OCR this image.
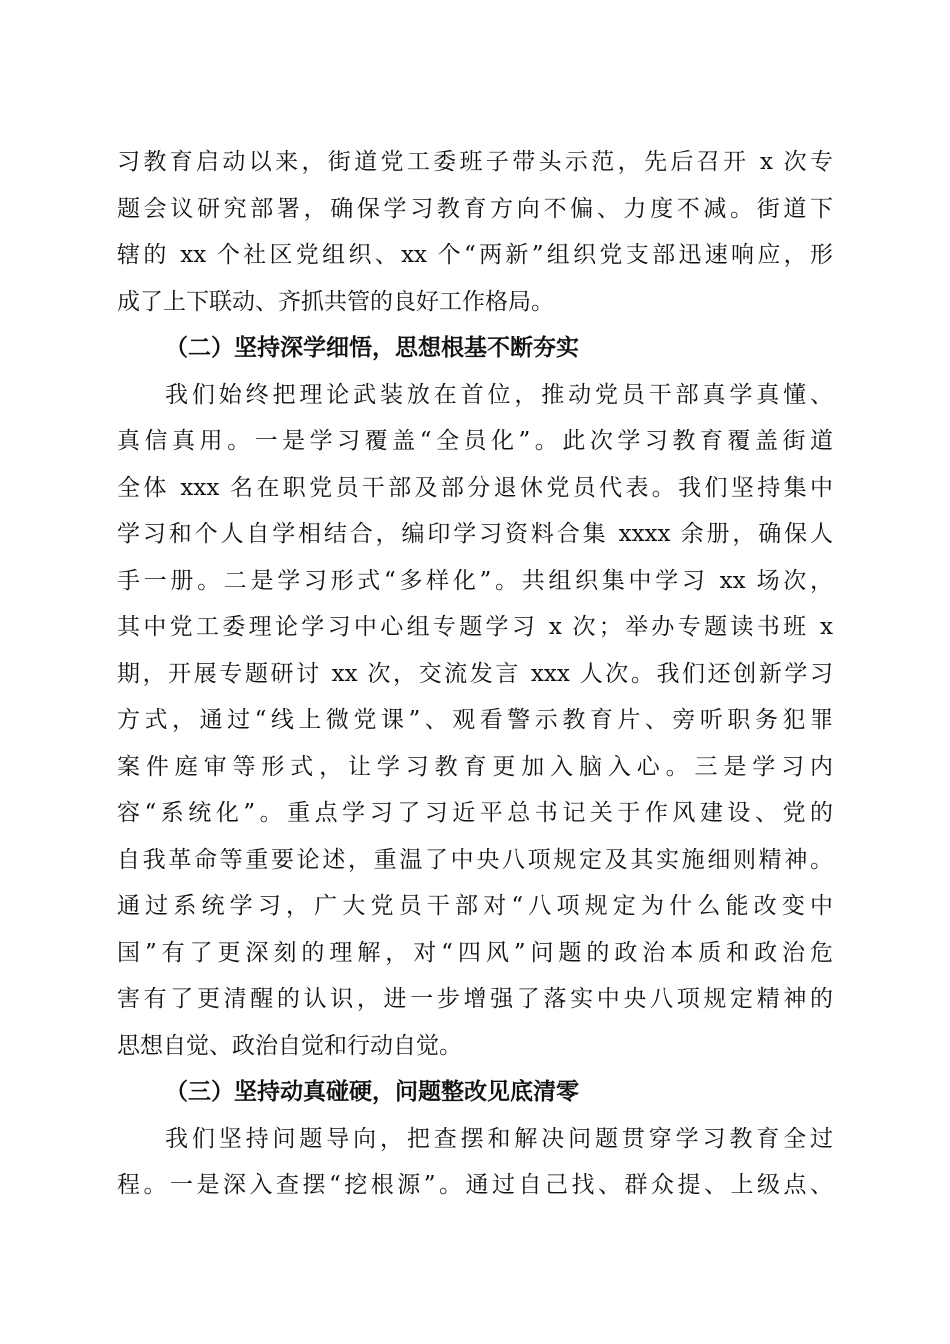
习教育启动以来，街道党工委班子带头示范，先后召开 x 次专
题会议研究部署，确保学习教育方向不偏、力度不减。街道下
辖的 xx 个社区党组织、xx 个“两新”组织党支部迅速响应，形
成了上下联动、齐抓共管的良好工作格局。
（二）坚持深学细悟，思想根基不断夯实
我们始终把理论武装放在首位，推动党员干部真学真懂、
真信真用。一是学习覆盖“全员化”。此次学习教育覆盖街道
全体 xxx 名在职党员干部及部分退休党员代表。我们坚持集中
学习和个人自学相结合，编印学习资料合集 xxxx 余册，确保人
手一册。二是学习形式“多样化”。共组织集中学习 xx 场次，
其中党工委理论学习中心组专题学习 x 次；举办专题读书班 x
期，开展专题研讨 xx 次，交流发言 xxx 人次。我们还创新学习
方式，通过“线上微党课”、观看警示教育片、旁听职务犯罪
案件庭审等形式，让学习教育更加入脑入心。三是学习内
容“系统化”。重点学习了习近平总书记关于作风建设、党的
自我革命等重要论述，重温了中央八项规定及其实施细则精神。
通过系统学习，广大党员干部对“八项规定为什么能改变中
国”有了更深刻的理解，对“四风”问题的政治本质和政治危
害有了更清醒的认识，进一步增强了落实中央八项规定精神的
思想自觉、政治自觉和行动自觉。
（三）坚持动真碰硬，问题整改见底清零
我们坚持问题导向，把查摆和解决问题贯穿学习教育全过
程。一是深入查摆“挖根源”。通过自己找、群众提、上级点、
